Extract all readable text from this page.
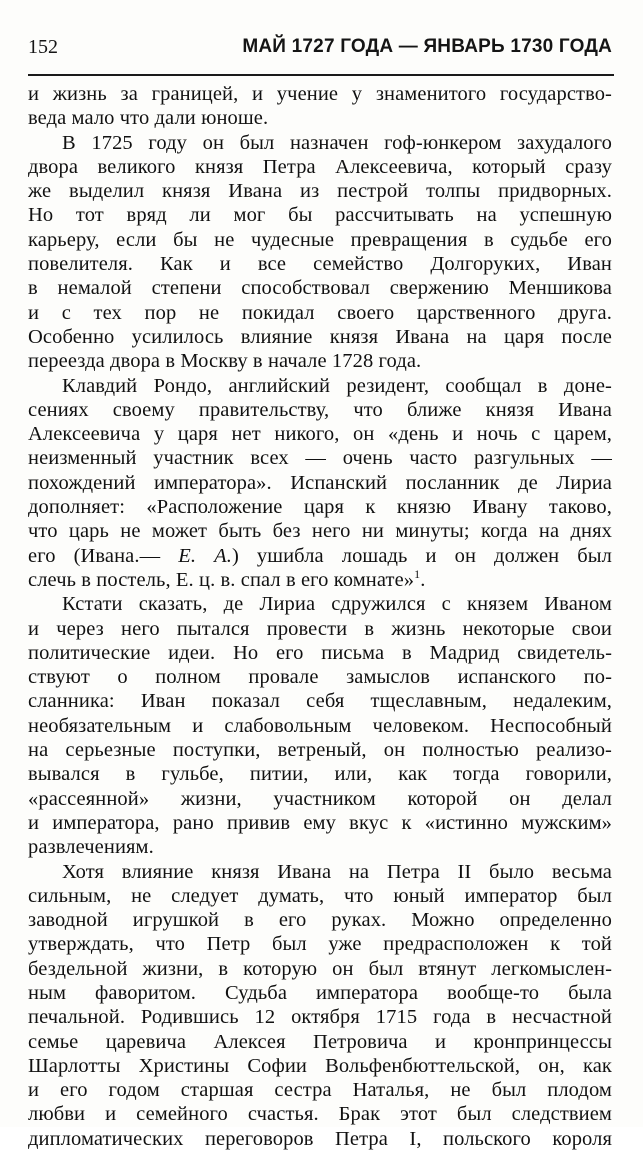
152	МАЙ 1727 ГОДА — ЯНВАРЬ 1730 ГОДА
и жизнь за границей, и учение у знаменитого государство-
веда мало что дали юноше.
В 1725 году он был назначен гоф-юнкером захудалого
двора великого князя Петра Алексеевича, который сразу
же выделил князя Ивана из пестрой толпы придворных.
Но тот вряд ли мог бы рассчитывать на успешную
карьеру, если бы не чудесные превращения в судьбе его
повелителя. Как и все семейство Долгоруких, Иван
в немалой степени способствовал свержению Меншикова
и с тех пор не покидал своего царственного друга.
Особенно усилилось влияние князя Ивана на царя после
переезда двора в Москву в начале 1728 года.
Клавдий Рондо, английский резидент, сообщал в доне-
сениях своему правительству, что ближе князя Ивана
Алексеевича у царя нет никого, он «день и ночь с царем,
неизменный участник всех — очень часто разгульных —
похождений императора». Испанский посланник де Лириа
дополняет: «Расположение царя к князю Ивану таково,
что царь не может быть без него ни минуты; когда на днях
его (Ивана.— Е. А.) ушибла лошадь и он должен был
слечь в постель, Е. ц. в. спал в его комнате»$^1$.
Кстати сказать, де Лириа сдружился с князем Иваном
и через него пытался провести в жизнь некоторые свои
политические идеи. Но его письма в Мадрид свидетель-
ствуют о полном провале замыслов испанского по-
сланника: Иван показал себя тщеславным, недалеким,
необязательным и слабовольным человеком. Неспособный
на серьезные поступки, ветреный, он полностью реализо-
вывался в гульбе, питии, или, как тогда говорили,
«рассеянной» жизни, участником которой он делал
и императора, рано привив ему вкус к «истинно мужским»
развлечениям.
Хотя влияние князя Ивана на Петра II было весьма
сильным, не следует думать, что юный император был
заводной игрушкой в его руках. Можно определенно
утверждать, что Петр был уже предрасположен к той
бездельной жизни, в которую он был втянут легкомыслен-
ным фаворитом. Судьба императора вообще-то была
печальной. Родившись 12 октября 1715 года в несчастной
семье царевича Алексея Петровича и кронпринцессы
Шарлотты Христины Софии Вольфенбюттельской, он, как
и его годом старшая сестра Наталья, не был плодом
любви и семейного счастья. Брак этот был следствием
дипломатических переговоров Петра I, польского короля
